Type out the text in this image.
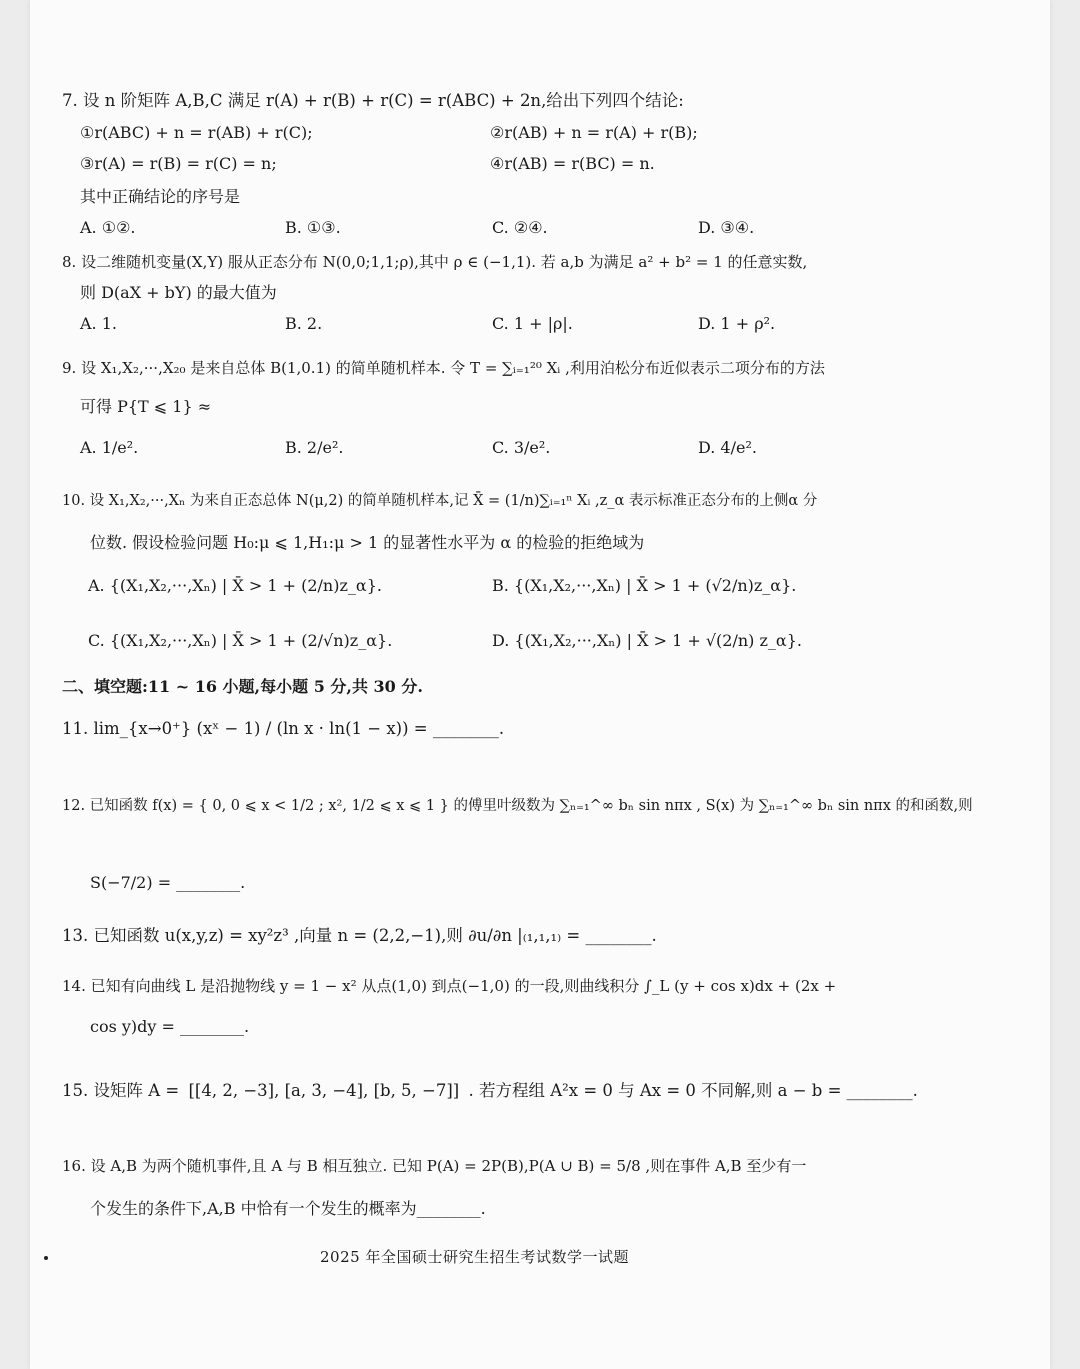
7. 设 n 阶矩阵 A,B,C 满足 r(A) + r(B) + r(C) = r(ABC) + 2n,给出下列四个结论:
①r(ABC) + n = r(AB) + r(C);	②r(AB) + n = r(A) + r(B);
③r(A) = r(B) = r(C) = n;	④r(AB) = r(BC) = n.
其中正确结论的序号是
A. ①②.	B. ①③.	C. ②④.	D. ③④.
8. 设二维随机变量(X,Y) 服从正态分布 N(0,0;1,1;ρ),其中 ρ ∈ (−1,1). 若 a,b 为满足 a² + b² = 1 的任意实数,
则 D(aX + bY) 的最大值为
A. 1.	B. 2.	C. 1 + |ρ|.	D. 1 + ρ².
9. 设 X₁,X₂,···,X₂₀ 是来自总体 B(1,0.1) 的简单随机样本. 令 T = ∑ᵢ₌₁²⁰ Xᵢ ,利用泊松分布近似表示二项分布的方法
可得 P{T ⩽ 1} ≈
A. 1/e².	B. 2/e².	C. 3/e².	D. 4/e².
10. 设 X₁,X₂,···,Xₙ 为来自正态总体 N(μ,2) 的简单随机样本,记 X̄ = (1/n)∑ᵢ₌₁ⁿ Xᵢ ,z_α 表示标准正态分布的上侧α 分
位数. 假设检验问题 H₀:μ ⩽ 1,H₁:μ > 1 的显著性水平为 α 的检验的拒绝域为
A. {(X₁,X₂,···,Xₙ) | X̄ > 1 + (2/n)z_α}.	B. {(X₁,X₂,···,Xₙ) | X̄ > 1 + (√2/n)z_α}.
C. {(X₁,X₂,···,Xₙ) | X̄ > 1 + (2/√n)z_α}.	D. {(X₁,X₂,···,Xₙ) | X̄ > 1 + √(2/n) z_α}.
二、填空题:11 ~ 16 小题,每小题 5 分,共 30 分.
11. lim_{x→0⁺} (xˣ − 1) / (ln x · ln(1 − x)) = ________.
12. 已知函数 f(x) = { 0, 0 ⩽ x < 1/2 ; x², 1/2 ⩽ x ⩽ 1 } 的傅里叶级数为 ∑ₙ₌₁^∞ bₙ sin nπx , S(x) 为 ∑ₙ₌₁^∞ bₙ sin nπx 的和函数,则
S(−7/2) = ________.
13. 已知函数 u(x,y,z) = xy²z³ ,向量 n = (2,2,−1),则 ∂u/∂n |₍₁,₁,₁₎ = ________.
14. 已知有向曲线 L 是沿抛物线 y = 1 − x² 从点(1,0) 到点(−1,0) 的一段,则曲线积分 ∫_L (y + cos x)dx + (2x +
cos y)dy = ________.
15. 设矩阵 A = [[4, 2, −3], [a, 3, −4], [b, 5, −7]] . 若方程组 A²x = 0 与 Ax = 0 不同解,则 a − b = ________.
16. 设 A,B 为两个随机事件,且 A 与 B 相互独立. 已知 P(A) = 2P(B),P(A ∪ B) = 5/8 ,则在事件 A,B 至少有一
个发生的条件下,A,B 中恰有一个发生的概率为________.
2025 年全国硕士研究生招生考试数学一试题
